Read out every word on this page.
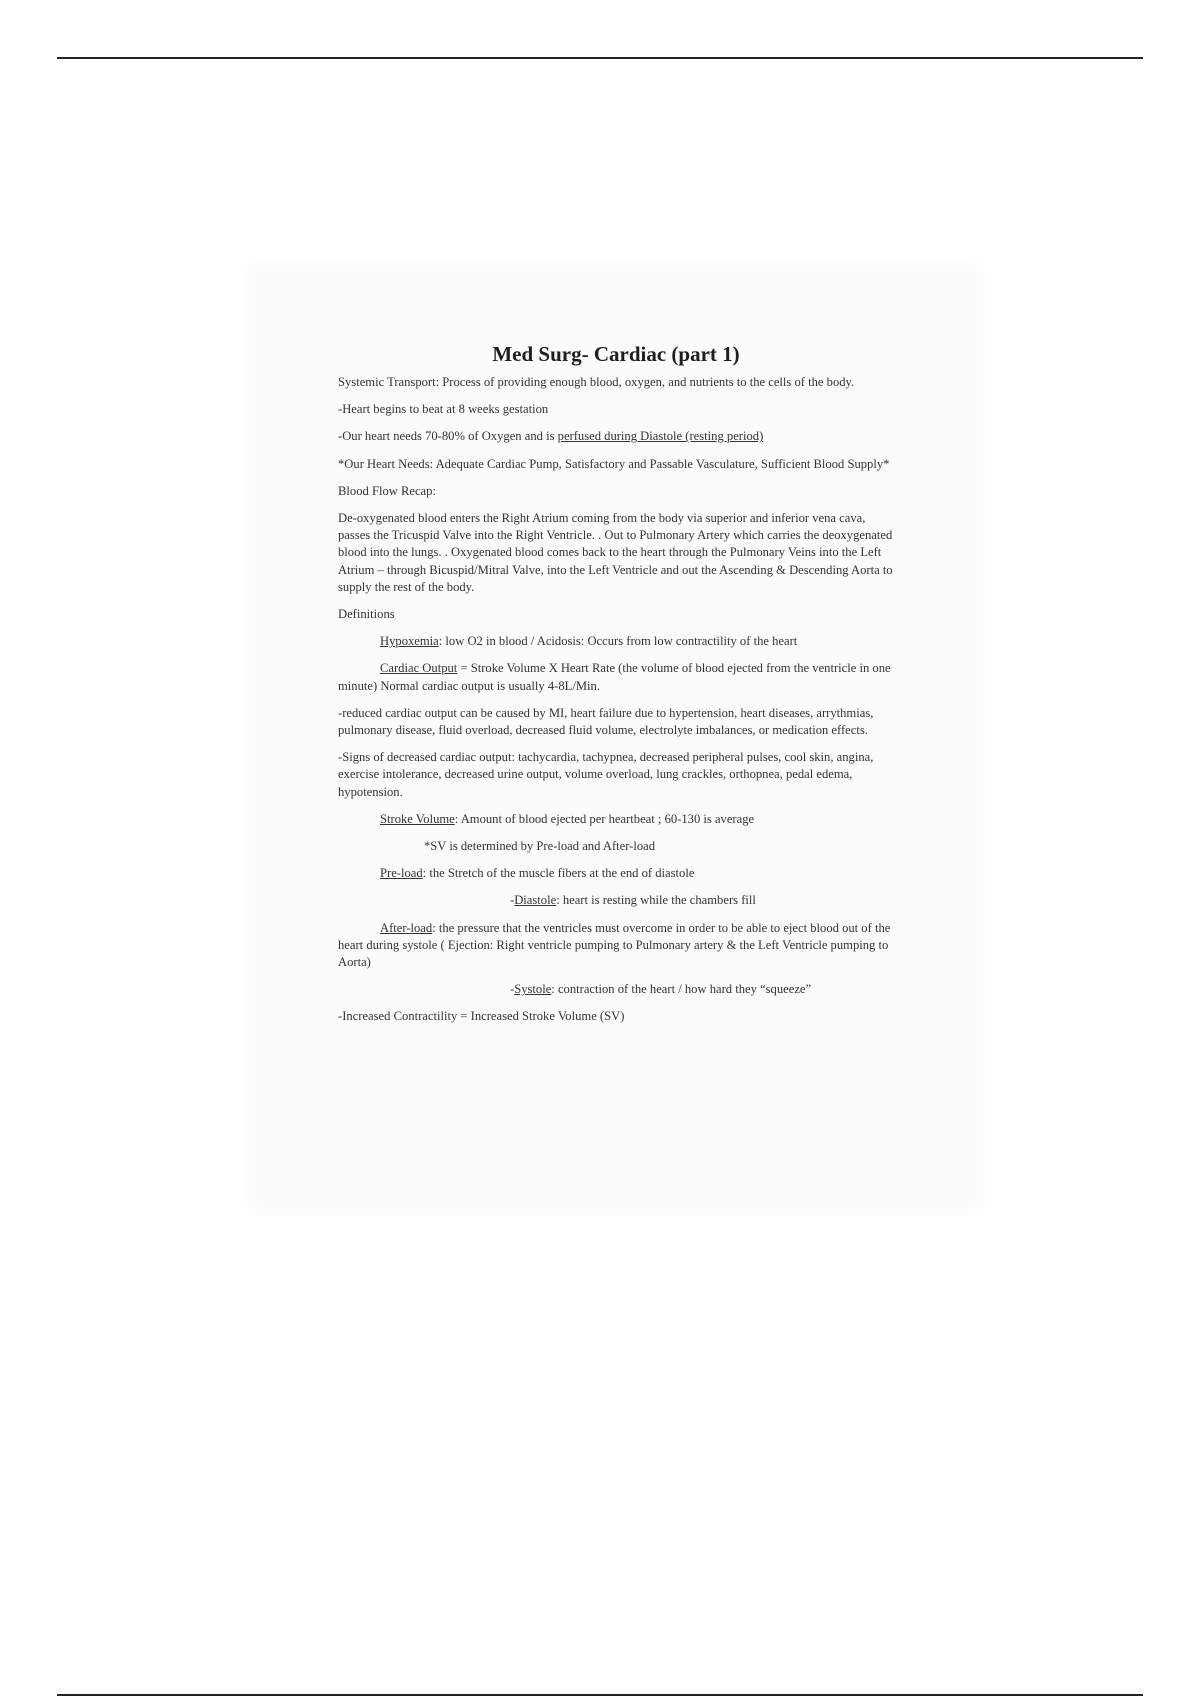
Med Surg- Cardiac (part 1)

Systemic Transport: Process of providing enough blood, oxygen, and nutrients to the cells of the body.

-Heart begins to beat at 8 weeks gestation

-Our heart needs 70-80% of Oxygen and is perfused during Diastole (resting period)

*Our Heart Needs: Adequate Cardiac Pump, Satisfactory and Passable Vasculature, Sufficient Blood Supply*

Blood Flow Recap:

De-oxygenated blood enters the Right Atrium coming from the body via superior and inferior vena cava, passes the Tricuspid Valve into the Right Ventricle. . Out to Pulmonary Artery which carries the deoxygenated blood into the lungs. . Oxygenated blood comes back to the heart through the Pulmonary Veins into the Left Atrium – through Bicuspid/Mitral Valve, into the Left Ventricle and out the Ascending & Descending Aorta to supply the rest of the body.

Definitions

Hypoxemia: low O2 in blood / Acidosis: Occurs from low contractility of the heart

Cardiac Output = Stroke Volume X Heart Rate (the volume of blood ejected from the ventricle in one minute) Normal cardiac output is usually 4-8L/Min.

-reduced cardiac output can be caused by MI, heart failure due to hypertension, heart diseases, arrythmias, pulmonary disease, fluid overload, decreased fluid volume, electrolyte imbalances, or medication effects.

-Signs of decreased cardiac output: tachycardia, tachypnea, decreased peripheral pulses, cool skin, angina, exercise intolerance, decreased urine output, volume overload, lung crackles, orthopnea, pedal edema, hypotension.

Stroke Volume: Amount of blood ejected per heartbeat ; 60-130 is average

*SV is determined by Pre-load and After-load

Pre-load: the Stretch of the muscle fibers at the end of diastole

-Diastole: heart is resting while the chambers fill

After-load: the pressure that the ventricles must overcome in order to be able to eject blood out of the heart during systole ( Ejection: Right ventricle pumping to Pulmonary artery & the Left Ventricle pumping to Aorta)

-Systole: contraction of the heart / how hard they “squeeze”

-Increased Contractility = Increased Stroke Volume (SV)
